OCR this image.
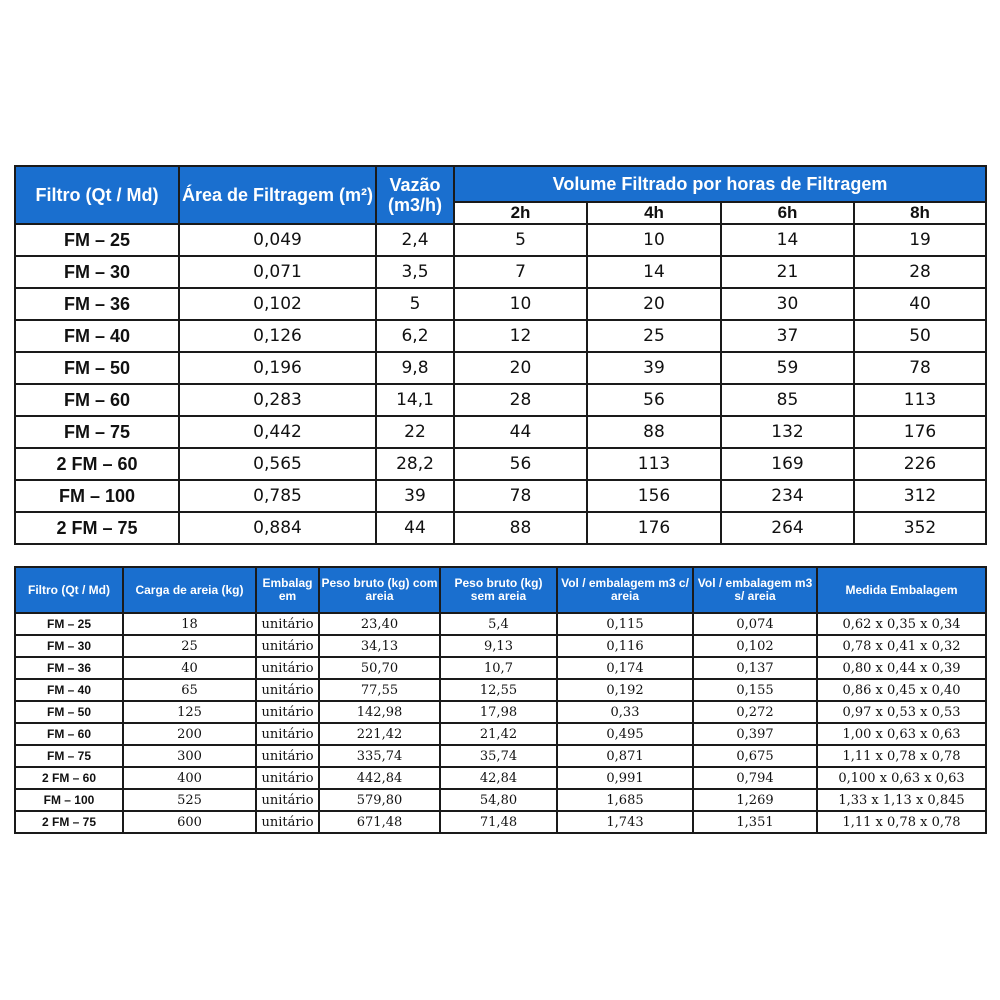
Filtro (Qt / Md)	Área de Filtragem (m²)	Vazão (m3/h)	Volume Filtrado por horas de Filtragem			
			2h	4h	6h	8h
FM – 25	0,049	2,4	5	10	14	19
FM – 30	0,071	3,5	7	14	21	28
FM – 36	0,102	5	10	20	30	40
FM – 40	0,126	6,2	12	25	37	50
FM – 50	0,196	9,8	20	39	59	78
FM – 60	0,283	14,1	28	56	85	113
FM – 75	0,442	22	44	88	132	176
2 FM – 60	0,565	28,2	56	113	169	226
FM – 100	0,785	39	78	156	234	312
2 FM – 75	0,884	44	88	176	264	352
Filtro (Qt / Md)	Carga de areia (kg)	Embalag em	Peso bruto (kg) com areia	Peso bruto (kg) sem areia	Vol / embalagem m3 c/ areia	Vol / embalagem m3 s/ areia	Medida Embalagem
FM – 25	18	unitário	23,40	5,4	0,115	0,074	0,62 x 0,35 x 0,34
FM – 30	25	unitário	34,13	9,13	0,116	0,102	0,78 x 0,41 x 0,32
FM – 36	40	unitário	50,70	10,7	0,174	0,137	0,80 x 0,44 x 0,39
FM – 40	65	unitário	77,55	12,55	0,192	0,155	0,86 x 0,45 x 0,40
FM – 50	125	unitário	142,98	17,98	0,33	0,272	0,97 x 0,53 x 0,53
FM – 60	200	unitário	221,42	21,42	0,495	0,397	1,00 x 0,63 x 0,63
FM – 75	300	unitário	335,74	35,74	0,871	0,675	1,11 x 0,78 x 0,78
2 FM – 60	400	unitário	442,84	42,84	0,991	0,794	0,100 x 0,63 x 0,63
FM – 100	525	unitário	579,80	54,80	1,685	1,269	1,33 x 1,13 x 0,845
2 FM – 75	600	unitário	671,48	71,48	1,743	1,351	1,11 x 0,78 x 0,78
